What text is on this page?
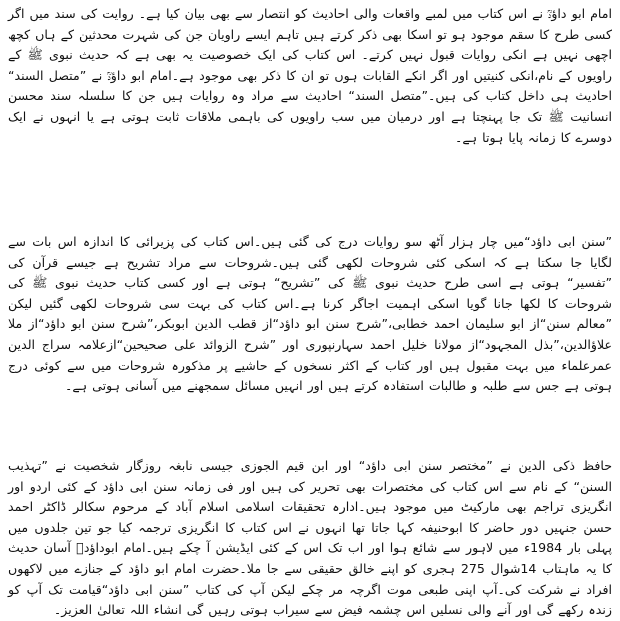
امام ابو داؤدؒ نے اس کتاب میں لمبے واقعات والی احادیث کو انتصار سے بھی بیان کیا ہے۔ روایت کی سند میں اگر کسی طرح کا سقم موجود ہو تو اسکا بھی ذکر کرتے ہیں تاہم ایسے راویان جن کی شہرت محدثین کے ہاں کچھ اچھی نہیں ہے انکی روایات قبول نہیں کرتے۔ اس کتاب کی ایک خصوصیت یہ بھی ہے کہ حدیث نبوی ﷺ کے راویوں کے نام،انکی کنیتیں اور اگر انکے القابات ہوں تو ان کا ذکر بھی موجود ہے۔امام ابو داؤدؒ نے ”متصل السند“ احادیث ہی داخل کتاب کی ہیں۔”متصل السند“ احادیث سے مراد وہ روایات ہیں جن کا سلسلہ سند محسن انسانیت ﷺ تک جا پہنچتا ہے اور درمیان میں سب راویوں کی باہمی ملاقات ثابت ہوتی ہے یا انہوں نے ایک دوسرے کا زمانہ پایا ہوتا ہے۔

”سنن ابی داؤد“میں چار ہزار آٹھ سو روایات درج کی گئی ہیں۔اس کتاب کی پزیرائی کا اندازہ اس بات سے لگایا جا سکتا ہے کہ اسکی کئی شروحات لکھی گئی ہیں۔شروحات سے مراد تشریح ہے جیسے قرآن کی ”تفسیر“ ہوتی ہے اسی طرح حدیث نبوی ﷺ کی ”تشریح“ ہوتی ہے اور کسی کتاب حدیث نبوی ﷺ کی شروحات کا لکھا جانا گویا اسکی اہمیت اجاگر کرنا ہے۔اس کتاب کی بہت سی شروحات لکھی گئیں لیکن ”معالم سنن“از ابو سلیمان احمد خطابی،”شرح سنن ابو داؤد“از قطب الدین ابوبکر،”شرح سنن ابو داؤد“از ملا علاؤالدین،”بذل المجہود“از مولانا خلیل احمد سہارنپوری اور ”شرح الزوائد علی صحیحین“ازعلامہ سراج الدین عمرعلماء میں بہت مقبول ہیں اور کتاب کے اکثر نسخوں کے حاشیے پر مذکورہ شروحات میں سے کوئی درج ہوتی ہے جس سے طلبہ و طالبات استفادہ کرتے ہیں اور انہیں مسائل سمجھنے میں آسانی ہوتی ہے۔

حافظ ذکی الدین نے ”مختصر سنن ابی داؤد“ اور ابن قیم الجوزی جیسی نابغہ روزگار شخصیت نے ”تہذیب السنن“ کے نام سے اس کتاب کی مختصرات بھی تحریر کی ہیں اور فی زمانہ سنن ابی داؤد کے کئی اردو اور انگریزی تراجم بھی مارکیٹ میں موجود ہیں۔ادارہ تحقیقات اسلامی اسلام آباد کے مرحوم سکالر ڈاکٹر احمد حسن جنہیں دور حاضر کا ابوحنیفہ کہا جاتا تھا انہوں نے اس کتاب کا انگریزی ترجمہ کیا جو تین جلدوں میں پہلی بار 1984ء میں لاہور سے شائع ہوا اور اب تک اس کے کئی ایڈیشن آ چکے ہیں۔امام ابوداؤدؒ آسان حدیث کا یہ ماہتاب 14شوال 275 ہجری کو اپنے خالق حقیقی سے جا ملا۔حضرت امام ابو داؤد کے جنازے میں لاکھوں افراد نے شرکت کی۔آپ اپنی طبعی موت اگرچہ مر چکے لیکن آپ کی کتاب ”سنن ابی داؤد“قیامت تک آپ کو زندہ رکھے گی اور آنے والی نسلیں اس چشمہ فیض سے سیراب ہوتی رہیں گی انشاء اللہ تعالیٰ العزیز۔
